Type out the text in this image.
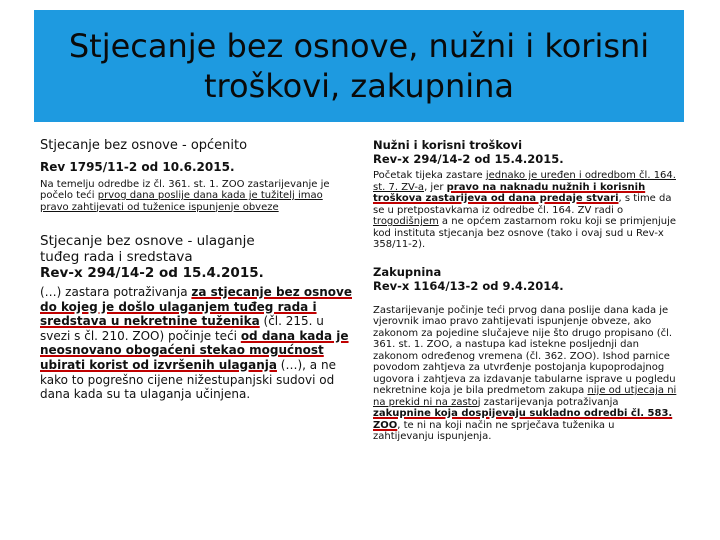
Stjecanje bez osnove, nužni i korisni
troškovi, zakupnina
Stjecanje bez osnove - općenito
Rev 1795/11-2 od 10.6.2015.

Na temelju odredbe iz čl. 361. st. 1. ZOO zastarijevanje je počelo teći prvog dana poslije dana kada je tužitelj imao pravo zahtijevati od tuženice ispunjenje obveze

Stjecanje bez osnove - ulaganje
tuđeg rada i sredstava
Rev-x 294/14-2 od 15.4.2015.

(…) zastara potraživanja za stjecanje bez osnove do kojeg je došlo ulaganjem tuđeg rada i sredstava u nekretnine tuženika (čl. 215. u svezi s čl. 210. ZOO) počinje teći od dana kada je neosnovano obogaćeni stekao mogućnost ubirati korist od izvršenih ulaganja (…), a ne kako to pogrešno cijene nižestupanjski sudovi od dana kada su ta ulaganja učinjena.

Nužni i korisni troškovi
Rev-x 294/14-2 od 15.4.2015.

Početak tijeka zastare jednako je uređen i odredbom čl. 164. st. 7. ZV-a, jer pravo na naknadu nužnih i korisnih troškova zastarijeva od dana predaje stvari, s time da se u pretpostavkama iz odredbe čl. 164. ZV radi o trogodišnjem a ne općem zastarnom roku koji se primjenjuje kod instituta stjecanja bez osnove (tako i ovaj sud u Rev-x 358/11-2).

Zakupnina
Rev-x 1164/13-2 od 9.4.2014.

Zastarijevanje počinje teći prvog dana poslije dana kada je vjerovnik imao pravo zahtijevati ispunjenje obveze, ako zakonom za pojedine slučajeve nije što drugo propisano (čl. 361. st. 1. ZOO, a nastupa kad istekne posljednji dan zakonom određenog vremena (čl. 362. ZOO). Ishod parnice povodom zahtjeva za utvrđenje postojanja kupoprodajnog ugovora i zahtjeva za izdavanje tabularne isprave u pogledu nekretnine koja je bila predmetom zakupa nije od utjecaja ni na prekid ni na zastoj zastarijevanja potraživanja zakupnine koja dospijevaju sukladno odredbi čl. 583. ZOO, te ni na koji način ne sprječava tuženika u zahtijevanju ispunjenja.
